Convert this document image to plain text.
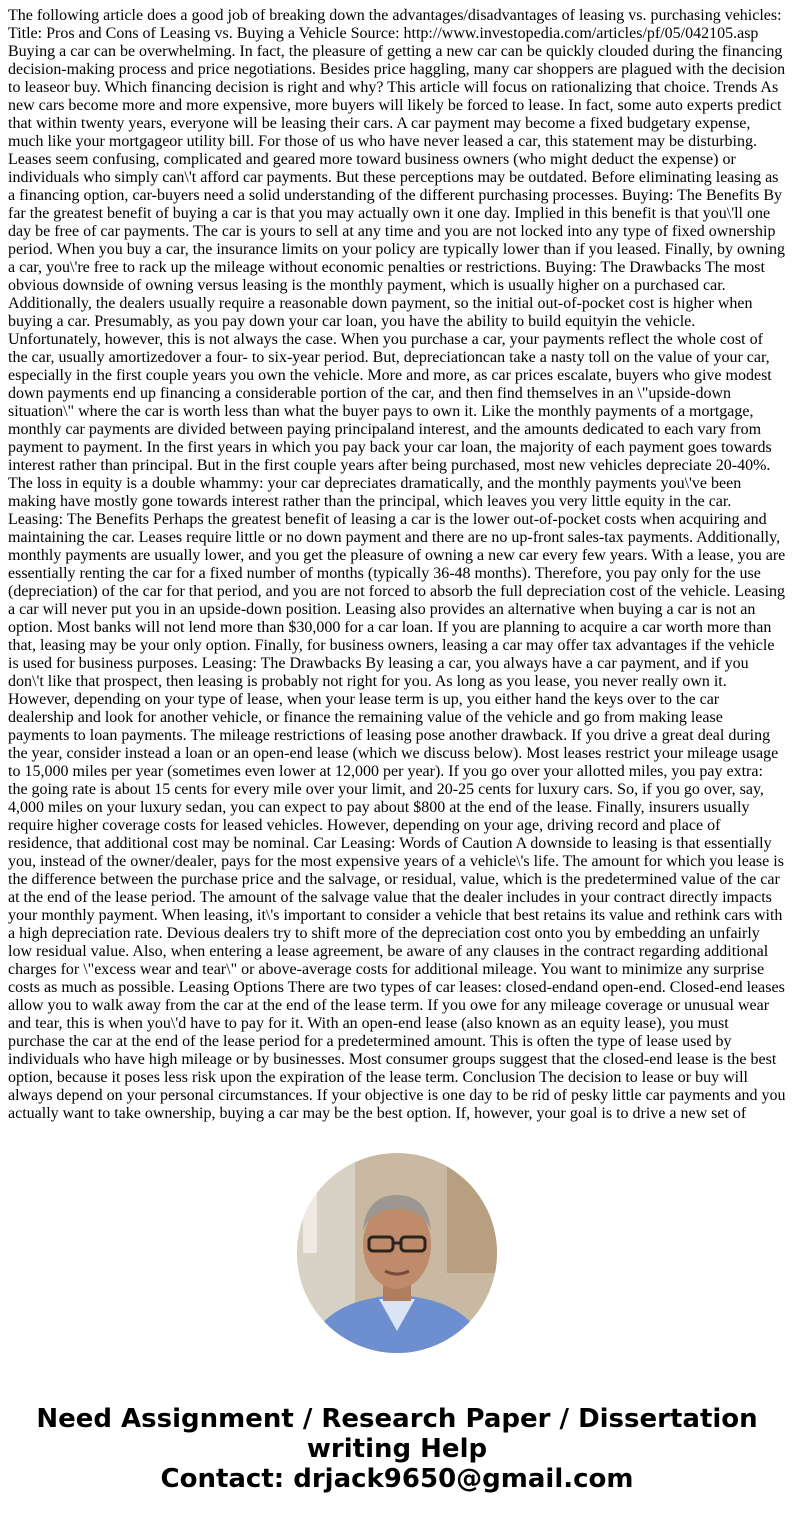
The following article does a good job of breaking down the advantages/disadvantages of leasing vs. purchasing vehicles: Title: Pros and Cons of Leasing vs. Buying a Vehicle Source: http://www.investopedia.com/articles/pf/05/042105.asp Buying a car can be overwhelming. In fact, the pleasure of getting a new car can be quickly clouded during the financing decision-making process and price negotiations. Besides price haggling, many car shoppers are plagued with the decision to leaseor buy. Which financing decision is right and why? This article will focus on rationalizing that choice. Trends As new cars become more and more expensive, more buyers will likely be forced to lease. In fact, some auto experts predict that within twenty years, everyone will be leasing their cars. A car payment may become a fixed budgetary expense, much like your mortgageor utility bill. For those of us who have never leased a car, this statement may be disturbing. Leases seem confusing, complicated and geared more toward business owners (who might deduct the expense) or individuals who simply can\'t afford car payments. But these perceptions may be outdated. Before eliminating leasing as a financing option, car-buyers need a solid understanding of the different purchasing processes. Buying: The Benefits By far the greatest benefit of buying a car is that you may actually own it one day. Implied in this benefit is that you\'ll one day be free of car payments. The car is yours to sell at any time and you are not locked into any type of fixed ownership period. When you buy a car, the insurance limits on your policy are typically lower than if you leased. Finally, by owning a car, you\'re free to rack up the mileage without economic penalties or restrictions. Buying: The Drawbacks The most obvious downside of owning versus leasing is the monthly payment, which is usually higher on a purchased car. Additionally, the dealers usually require a reasonable down payment, so the initial out-of-pocket cost is higher when buying a car. Presumably, as you pay down your car loan, you have the ability to build equityin the vehicle. Unfortunately, however, this is not always the case. When you purchase a car, your payments reflect the whole cost of the car, usually amortizedover a four- to six-year period. But, depreciationcan take a nasty toll on the value of your car, especially in the first couple years you own the vehicle. More and more, as car prices escalate, buyers who give modest down payments end up financing a considerable portion of the car, and then find themselves in an \"upside-down situation\" where the car is worth less than what the buyer pays to own it. Like the monthly payments of a mortgage, monthly car payments are divided between paying principaland interest, and the amounts dedicated to each vary from payment to payment. In the first years in which you pay back your car loan, the majority of each payment goes towards interest rather than principal. But in the first couple years after being purchased, most new vehicles depreciate 20-40%. The loss in equity is a double whammy: your car depreciates dramatically, and the monthly payments you\'ve been making have mostly gone towards interest rather than the principal, which leaves you very little equity in the car. Leasing: The Benefits Perhaps the greatest benefit of leasing a car is the lower out-of-pocket costs when acquiring and maintaining the car. Leases require little or no down payment and there are no up-front sales-tax payments. Additionally, monthly payments are usually lower, and you get the pleasure of owning a new car every few years. With a lease, you are essentially renting the car for a fixed number of months (typically 36-48 months). Therefore, you pay only for the use (depreciation) of the car for that period, and you are not forced to absorb the full depreciation cost of the vehicle. Leasing a car will never put you in an upside-down position. Leasing also provides an alternative when buying a car is not an option. Most banks will not lend more than $30,000 for a car loan. If you are planning to acquire a car worth more than that, leasing may be your only option. Finally, for business owners, leasing a car may offer tax advantages if the vehicle is used for business purposes. Leasing: The Drawbacks By leasing a car, you always have a car payment, and if you don\'t like that prospect, then leasing is probably not right for you. As long as you lease, you never really own it. However, depending on your type of lease, when your lease term is up, you either hand the keys over to the car dealership and look for another vehicle, or finance the remaining value of the vehicle and go from making lease payments to loan payments. The mileage restrictions of leasing pose another drawback. If you drive a great deal during the year, consider instead a loan or an open-end lease (which we discuss below). Most leases restrict your mileage usage to 15,000 miles per year (sometimes even lower at 12,000 per year). If you go over your allotted miles, you pay extra: the going rate is about 15 cents for every mile over your limit, and 20-25 cents for luxury cars. So, if you go over, say, 4,000 miles on your luxury sedan, you can expect to pay about $800 at the end of the lease. Finally, insurers usually require higher coverage costs for leased vehicles. However, depending on your age, driving record and place of residence, that additional cost may be nominal. Car Leasing: Words of Caution A downside to leasing is that essentially you, instead of the owner/dealer, pays for the most expensive years of a vehicle\'s life. The amount for which you lease is the difference between the purchase price and the salvage, or residual, value, which is the predetermined value of the car at the end of the lease period. The amount of the salvage value that the dealer includes in your contract directly impacts your monthly payment. When leasing, it\'s important to consider a vehicle that best retains its value and rethink cars with a high depreciation rate. Devious dealers try to shift more of the depreciation cost onto you by embedding an unfairly low residual value. Also, when entering a lease agreement, be aware of any clauses in the contract regarding additional charges for \"excess wear and tear\" or above-average costs for additional mileage. You want to minimize any surprise costs as much as possible. Leasing Options There are two types of car leases: closed-endand open-end. Closed-end leases allow you to walk away from the car at the end of the lease term. If you owe for any mileage coverage or unusual wear and tear, this is when you\'d have to pay for it. With an open-end lease (also known as an equity lease), you must purchase the car at the end of the lease period for a predetermined amount. This is often the type of lease used by individuals who have high mileage or by businesses. Most consumer groups suggest that the closed-end lease is the best option, because it poses less risk upon the expiration of the lease term. Conclusion The decision to lease or buy will always depend on your personal circumstances. If your objective is one day to be rid of pesky little car payments and you actually want to take ownership, buying a car may be the best option. If, however, your goal is to drive a new set of

Need Assignment / Research Paper / Dissertation
writing Help
Contact: drjack9650@gmail.com
